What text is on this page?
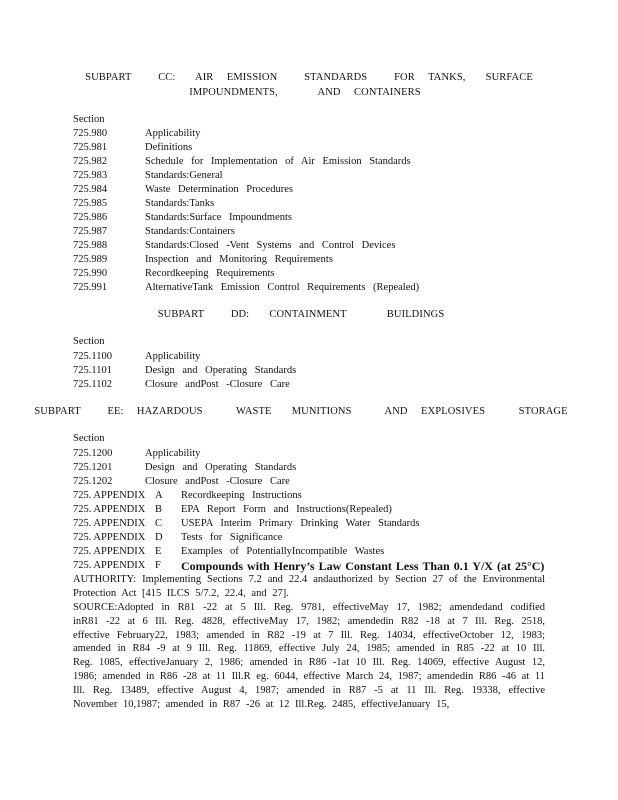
SUBPART    CC:   AIR  EMISSION    STANDARDS    FOR  TANKS,   SURFACE
IMPOUNDMENTS,      AND  CONTAINERS
Section
725.980	Applicability
725.981	Definitions
725.982	Schedule for Implementation of Air Emission Standards
725.983	Standards:General
725.984	Waste Determination Procedures
725.985	Standards:Tanks
725.986	Standards:Surface Impoundments
725.987	Standards:Containers
725.988	Standards:Closed -Vent Systems and Control Devices
725.989	Inspection and Monitoring Requirements
725.990	Recordkeeping Requirements
725.991	AlternativeTank Emission Control Requirements (Repealed)
SUBPART    DD:   CONTAINMENT      BUILDINGS
Section
725.1100	Applicability
725.1101	Design and Operating Standards
725.1102	Closure andPost -Closure Care
SUBPART    EE:  HAZARDOUS     WASTE   MUNITIONS     AND  EXPLOSIVES     STORAGE
Section
725.1200	Applicability
725.1201	Design and Operating Standards
725.1202	Closure andPost -Closure Care
725. APPENDIX A Recordkeeping Instructions
725. APPENDIX B EPA Report Form and Instructions(Repealed)
725. APPENDIX C USEPA Interim Primary Drinking Water Standards
725. APPENDIX D Tests for Significance
725. APPENDIX E Examples of PotentiallyIncompatible Wastes
725. APPENDIX F Compounds with Henry’s Law Constant Less Than 0.1 Y/X (at 25°C)
AUTHORITY: Implementing Sections 7.2 and 22.4 andauthorized by Section 27 of the Environmental Protection Act [415 ILCS 5/7.2, 22.4, and 27].
SOURCE:Adopted in R81 -22 at 5 Ill. Reg. 9781, effectiveMay 17, 1982; amendedand codified inR81 -22 at 6 Ill. Reg. 4828, effectiveMay 17, 1982; amendedin R82 -18 at 7 Ill. Reg. 2518, effective February22, 1983; amended in R82 -19 at 7 Ill. Reg. 14034, effectiveOctober 12, 1983; amended in R84 -9 at 9 Ill. Reg. 11869, effective July 24, 1985; amended in R85 -22 at 10 Ill. Reg. 1085, effectiveJanuary 2, 1986; amended in R86 -1at 10 Ill. Reg. 14069, effective August 12, 1986; amended in R86 -28 at 11 Ill.R eg. 6044, effective March 24, 1987; amendedin R86 -46 at 11 Ill. Reg. 13489, effective August 4, 1987; amended in R87 -5 at 11 Ill. Reg. 19338, effective November 10,1987; amended in R87 -26 at 12 Ill.Reg. 2485, effectiveJanuary 15,
